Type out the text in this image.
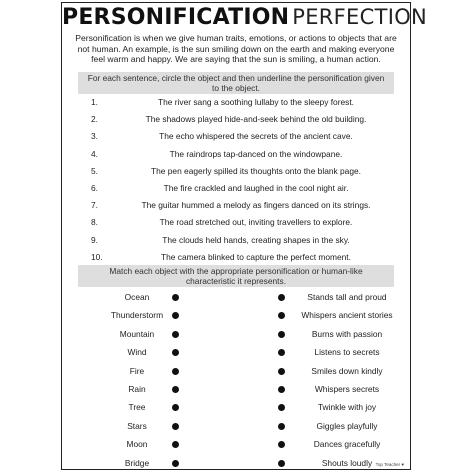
PERSONIFICATION PERFECTION
Personification is when we give human traits, emotions, or actions to objects that are not human. An example, is the sun smiling down on the earth and making everyone feel warm and happy. We are saying that the sun is smiling, a human action.
For each sentence, circle the object and then underline the personification given to the object.
1.	The river sang a soothing lullaby to the sleepy forest.
2.	The shadows played hide-and-seek behind the old building.
3.	The echo whispered the secrets of the ancient cave.
4.	The raindrops tap-danced on the windowpane.
5.	The pen eagerly spilled its thoughts onto the blank page.
6.	The fire crackled and laughed in the cool night air.
7.	The guitar hummed a melody as fingers danced on its strings.
8.	The road stretched out, inviting travellers to explore.
9.	The clouds held hands, creating shapes in the sky.
10.	The camera blinked to capture the perfect moment.
Match each object with the appropriate personification or human-like characteristic it represents.
Ocean	Stands tall and proud
Thunderstorm	Whispers ancient stories
Mountain	Burns with passion
Wind	Listens to secrets
Fire	Smiles down kindly
Rain	Whispers secrets
Tree	Twinkle with joy
Stars	Giggles playfully
Moon	Dances gracefully
Bridge	Shouts loudly Top Teacher ♥
